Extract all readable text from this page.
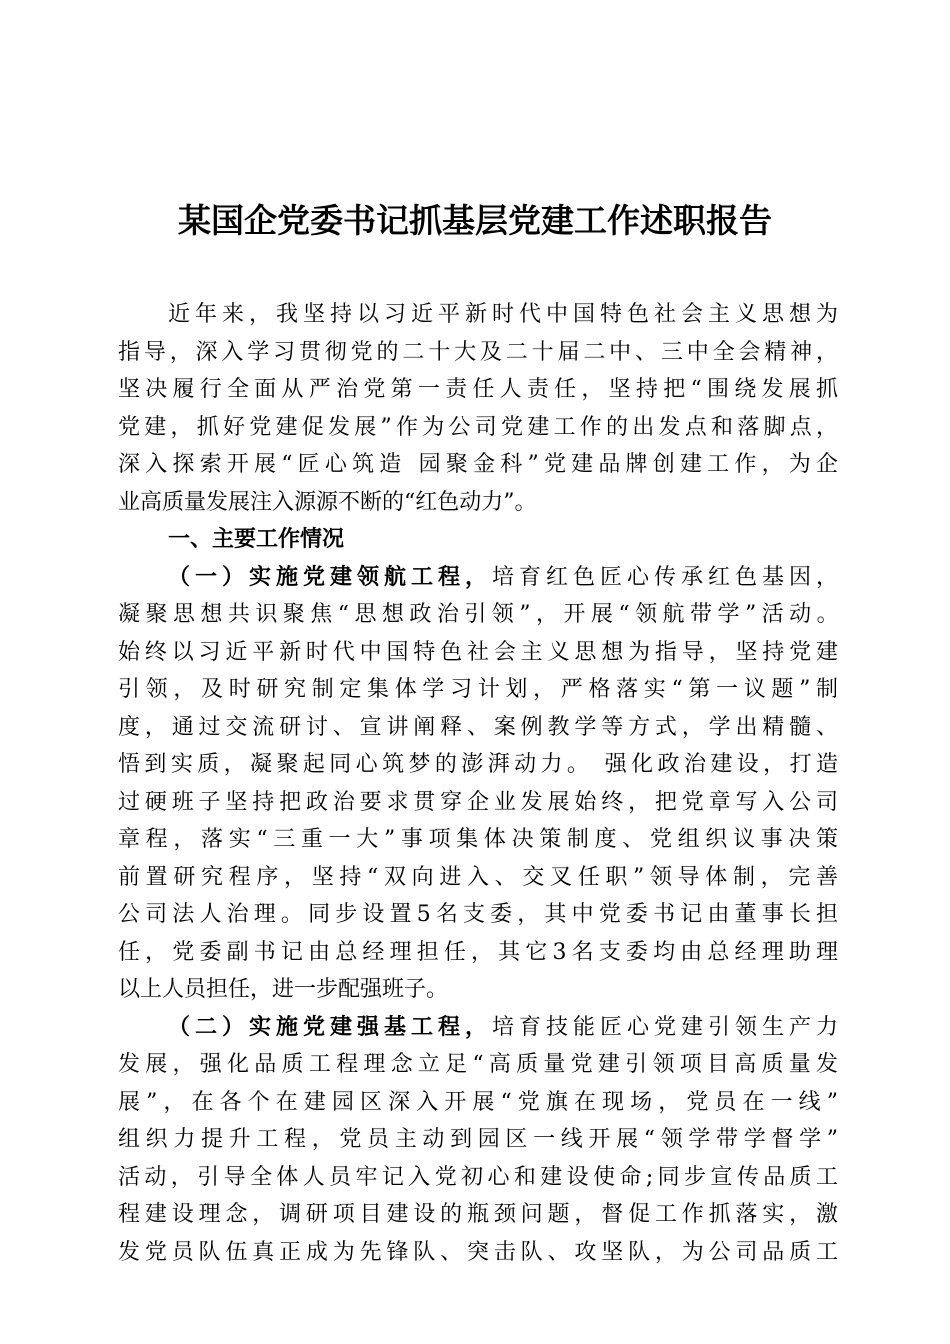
某国企党委书记抓基层党建工作述职报告
近年来，我坚持以习近平新时代中国特色社会主义思想为
指导，深入学习贯彻党的二十大及二十届二中、三中全会精神，
坚决履行全面从严治党第一责任人责任，坚持把“围绕发展抓
党建，抓好党建促发展”作为公司党建工作的出发点和落脚点，
深入探索开展“匠心筑造 园聚金科”党建品牌创建工作，为企
业高质量发展注入源源不断的“红色动力”。
一、主要工作情况
（一）实施党建领航工程，培育红色匠心传承红色基因，
凝聚思想共识聚焦“思想政治引领”，开展“领航带学”活动。
始终以习近平新时代中国特色社会主义思想为指导，坚持党建
引领，及时研究制定集体学习计划，严格落实“第一议题”制
度，通过交流研讨、宣讲阐释、案例教学等方式，学出精髓、
悟到实质，凝聚起同心筑梦的澎湃动力。 强化政治建设，打造
过硬班子坚持把政治要求贯穿企业发展始终，把党章写入公司
章程，落实“三重一大”事项集体决策制度、党组织议事决策
前置研究程序，坚持“双向进入、交叉任职”领导体制，完善
公司法人治理。同步设置5名支委，其中党委书记由董事长担
任，党委副书记由总经理担任，其它3名支委均由总经理助理
以上人员担任，进一步配强班子。
（二）实施党建强基工程，培育技能匠心党建引领生产力
发展，强化品质工程理念立足“高质量党建引领项目高质量发
展”，在各个在建园区深入开展“党旗在现场，党员在一线”
组织力提升工程，党员主动到园区一线开展“领学带学督学”
活动，引导全体人员牢记入党初心和建设使命;同步宣传品质工
程建设理念，调研项目建设的瓶颈问题，督促工作抓落实，激
发党员队伍真正成为先锋队、突击队、攻坚队，为公司品质工
